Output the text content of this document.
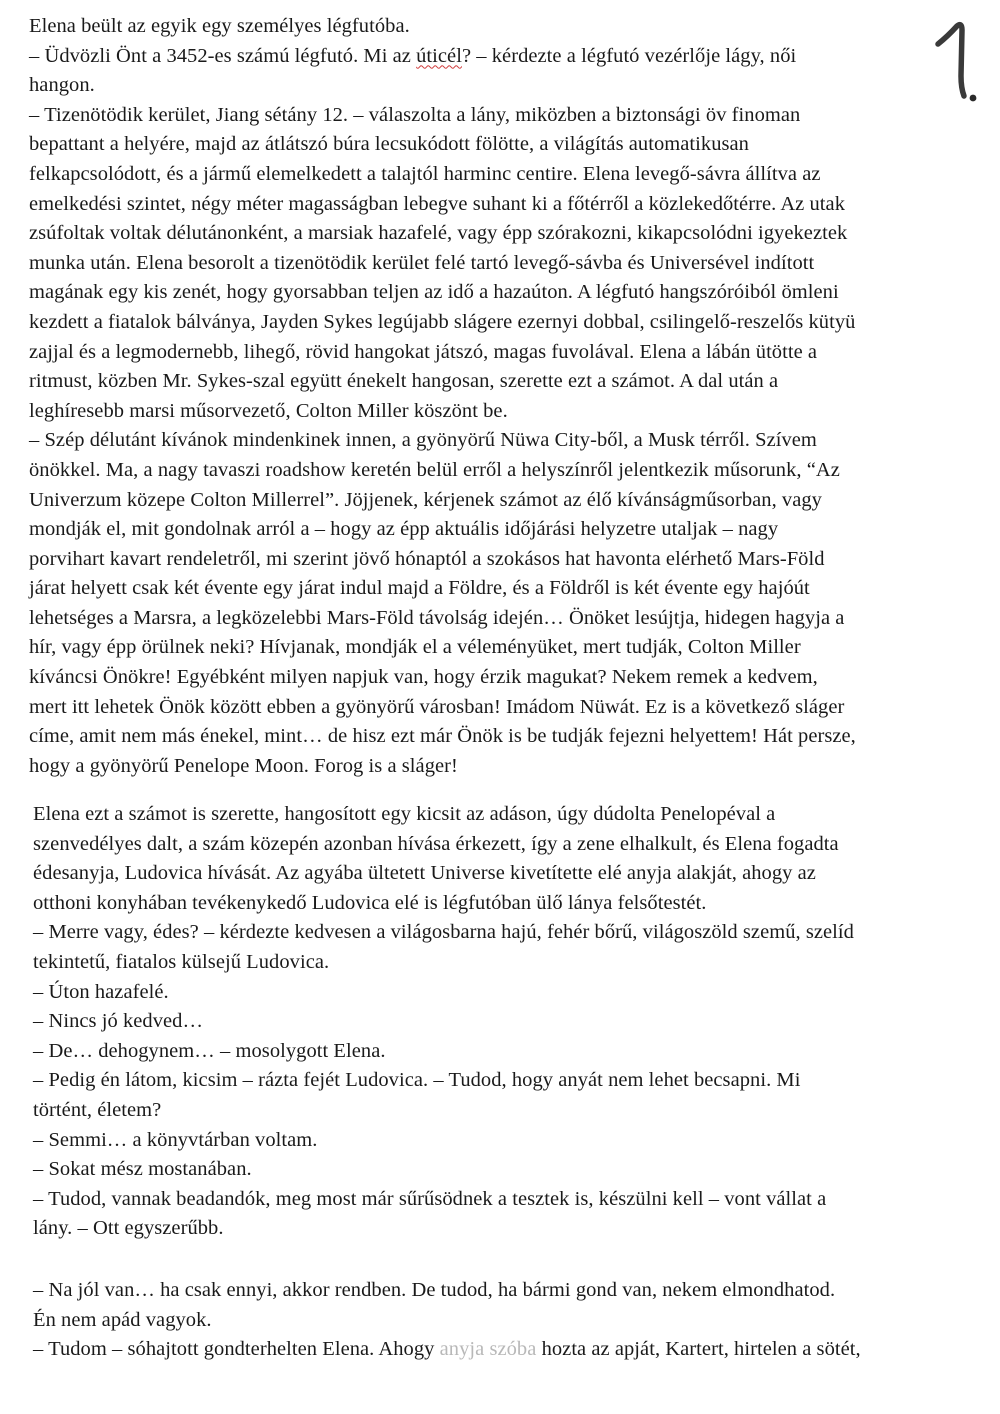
Elena beült az egyik egy személyes légfutóba.
– Üdvözli Önt a 3452-es számú légfutó. Mi az úticél? – kérdezte a légfutó vezérlője lágy, női
hangon.
– Tizenötödik kerület, Jiang sétány 12. – válaszolta a lány, miközben a biztonsági öv finoman
bepattant a helyére, majd az átlátszó búra lecsukódott fölötte, a világítás automatikusan
felkapcsolódott, és a jármű elemelkedett a talajtól harminc centire. Elena levegő-sávra állítva az
emelkedési szintet, négy méter magasságban lebegve suhant ki a főtérről a közlekedőtérre. Az utak
zsúfoltak voltak délutánonként, a marsiak hazafelé, vagy épp szórakozni, kikapcsolódni igyekeztek
munka után. Elena besorolt a tizenötödik kerület felé tartó levegő-sávba és Universével indított
magának egy kis zenét, hogy gyorsabban teljen az idő a hazaúton. A légfutó hangszóróiból ömleni
kezdett a fiatalok bálványa, Jayden Sykes legújabb slágere ezernyi dobbal, csilingelő-reszelős kütyü
zajjal és a legmodernebb, lihegő, rövid hangokat játszó, magas fuvolával. Elena a lábán ütötte a
ritmust, közben Mr. Sykes-szal együtt énekelt hangosan, szerette ezt a számot. A dal után a
leghíresebb marsi műsorvezető, Colton Miller köszönt be.
– Szép délutánt kívánok mindenkinek innen, a gyönyörű Nüwa City-ből, a Musk térről. Szívem
önökkel. Ma, a nagy tavaszi roadshow keretén belül erről a helyszínről jelentkezik műsorunk, “Az
Univerzum közepe Colton Millerrel”. Jöjjenek, kérjenek számot az élő kívánságműsorban, vagy
mondják el, mit gondolnak arról a – hogy az épp aktuális időjárási helyzetre utaljak – nagy
porvihart kavart rendeletről, mi szerint jövő hónaptól a szokásos hat havonta elérhető Mars-Föld
járat helyett csak két évente egy járat indul majd a Földre, és a Földről is két évente egy hajóút
lehetséges a Marsra, a legközelebbi Mars-Föld távolság idején… Önöket lesújtja, hidegen hagyja a
hír, vagy épp örülnek neki? Hívjanak, mondják el a véleményüket, mert tudják, Colton Miller
kíváncsi Önökre! Egyébként milyen napjuk van, hogy érzik magukat? Nekem remek a kedvem,
mert itt lehetek Önök között ebben a gyönyörű városban! Imádom Nüwát. Ez is a következő sláger
címe, amit nem más énekel, mint… de hisz ezt már Önök is be tudják fejezni helyettem! Hát persze,
hogy a gyönyörű Penelope Moon. Forog is a sláger!
Elena ezt a számot is szerette, hangosított egy kicsit az adáson, úgy dúdolta Penelopéval a
szenvedélyes dalt, a szám közepén azonban hívása érkezett, így a zene elhalkult, és Elena fogadta
édesanyja, Ludovica hívását. Az agyába ültetett Universe kivetítette elé anyja alakját, ahogy az
otthoni konyhában tevékenykedő Ludovica elé is légfutóban ülő lánya felsőtestét.
– Merre vagy, édes? – kérdezte kedvesen a világosbarna hajú, fehér bőrű, világoszöld szemű, szelíd
tekintetű, fiatalos külsejű Ludovica.
– Úton hazafelé.
– Nincs jó kedved…
– De… dehogynem… – mosolygott Elena.
– Pedig én látom, kicsim – rázta fejét Ludovica. – Tudod, hogy anyát nem lehet becsapni. Mi
történt, életem?
– Semmi… a könyvtárban voltam.
– Sokat mész mostanában.
– Tudod, vannak beadandók, meg most már sűrűsödnek a tesztek is, készülni kell – vont vállat a
lány. – Ott egyszerűbb.
– Na jól van… ha csak ennyi, akkor rendben. De tudod, ha bármi gond van, nekem elmondhatod.
Én nem apád vagyok.
– Tudom – sóhajtott gondterhelten Elena. Ahogy anyja szóba hozta az apját, Kartert, hirtelen a sötét,
